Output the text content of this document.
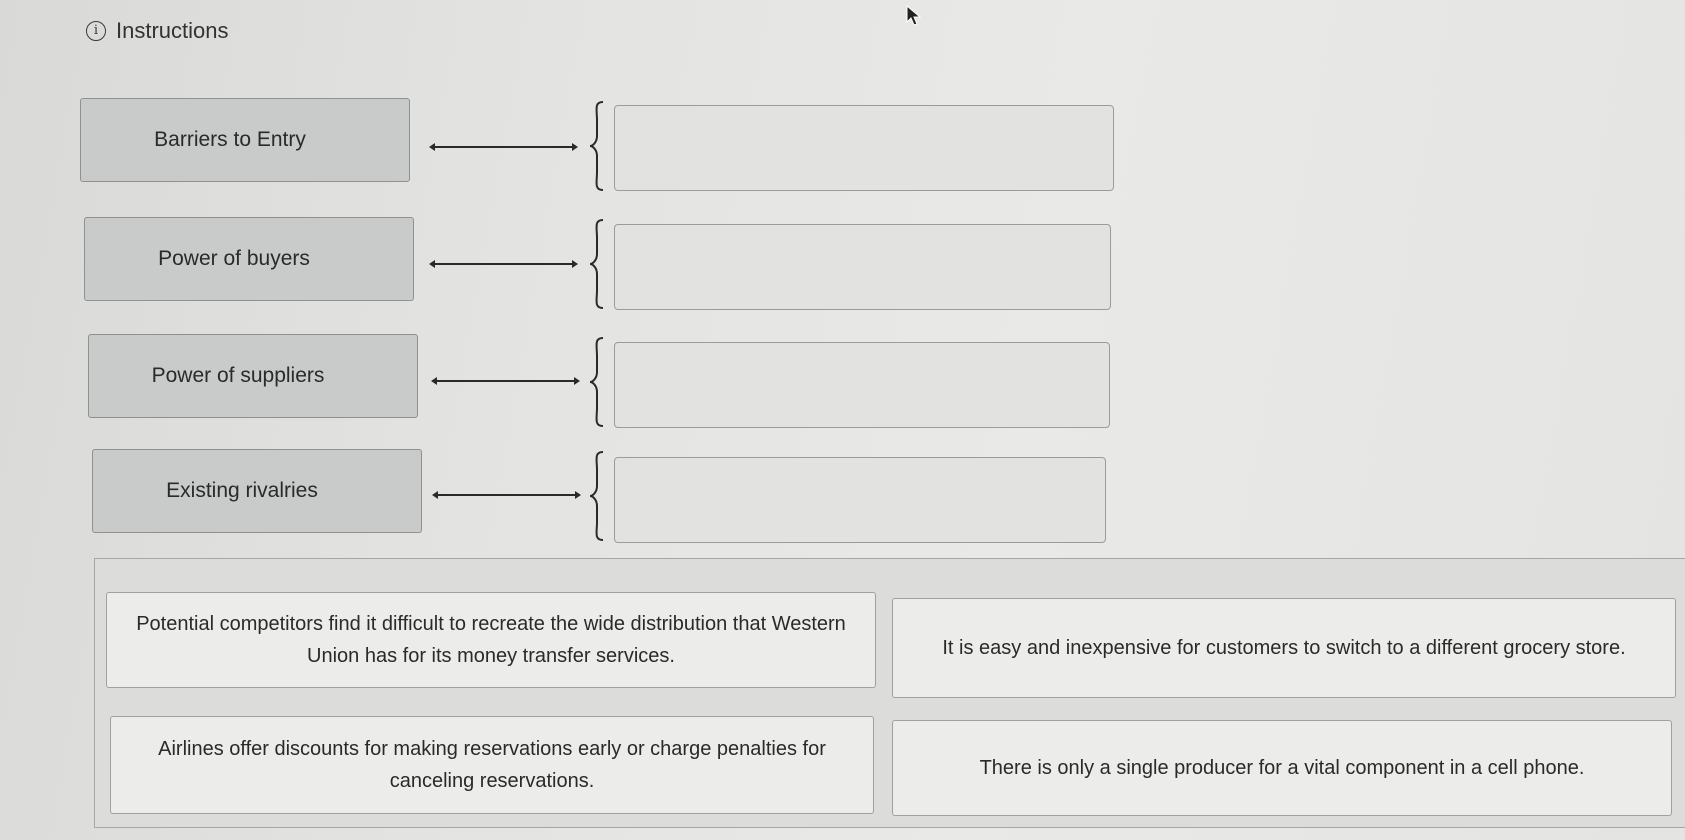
i Instructions
Barriers to Entry
Power of buyers
Power of suppliers
Existing rivalries
Potential competitors find it difficult to recreate the wide distribution that Western Union has for its money transfer services.	It is easy and inexpensive for customers to switch to a different grocery store.
Airlines offer discounts for making reservations early or charge penalties for canceling reservations.
There is only a single producer for a vital component in a cell phone.
